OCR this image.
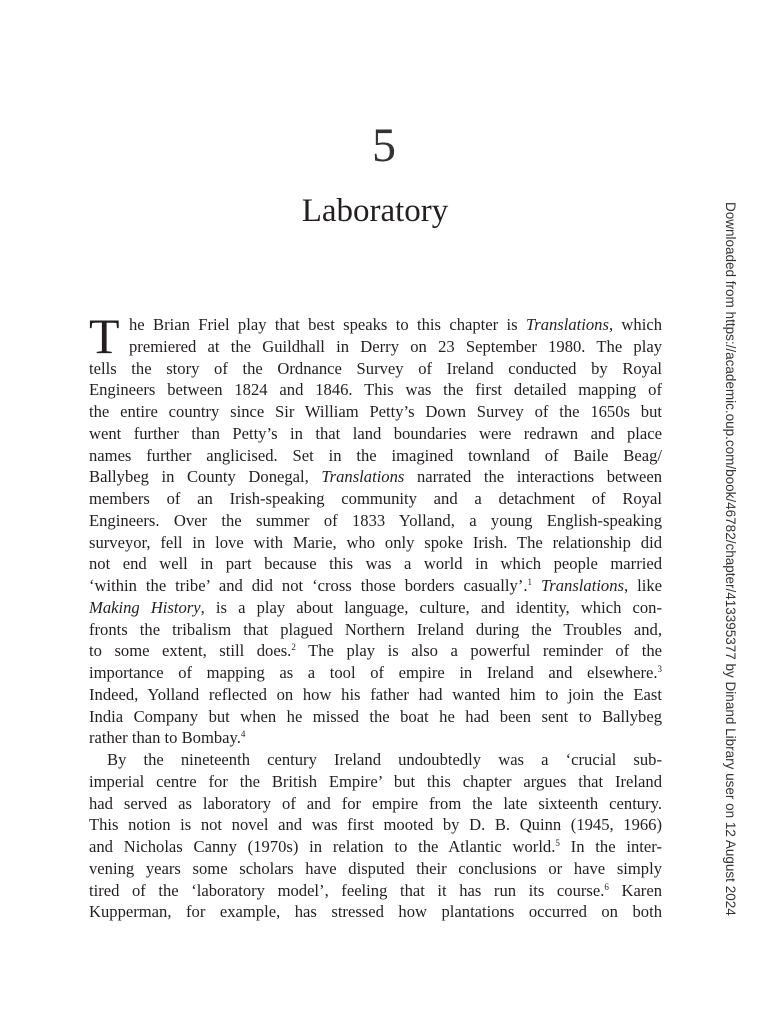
5
Laboratory
T he Brian Friel play that best speaks to this chapter is Translations, which
premiered at the Guildhall in Derry on 23 September 1980. The play
tells the story of the Ordnance Survey of Ireland conducted by Royal
Engineers between 1824 and 1846. This was the first detailed mapping of
the entire country since Sir William Petty’s Down Survey of the 1650s but
went further than Petty’s in that land boundaries were redrawn and place
names further anglicised. Set in the imagined townland of Baile Beag/
Ballybeg in County Donegal, Translations narrated the interactions between
members of an Irish-speaking community and a detachment of Royal
Engineers. Over the summer of 1833 Yolland, a young English-speaking
surveyor, fell in love with Marie, who only spoke Irish. The relationship did
not end well in part because this was a world in which people married
‘within the tribe’ and did not ‘cross those borders casually’.$^1$ Translations, like
Making History, is a play about language, culture, and identity, which con-
fronts the tribalism that plagued Northern Ireland during the Troubles and,
to some extent, still does.$^2$ The play is also a powerful reminder of the
importance of mapping as a tool of empire in Ireland and elsewhere.$^3$
Indeed, Yolland reflected on how his father had wanted him to join the East
India Company but when he missed the boat he had been sent to Ballybeg
rather than to Bombay.$^4$
By the nineteenth century Ireland undoubtedly was a ‘crucial sub-
imperial centre for the British Empire’ but this chapter argues that Ireland
had served as laboratory of and for empire from the late sixteenth century.
This notion is not novel and was first mooted by D. B. Quinn (1945, 1966)
and Nicholas Canny (1970s) in relation to the Atlantic world.$^5$ In the inter-
vening years some scholars have disputed their conclusions or have simply
tired of the ‘laboratory model’, feeling that it has run its course.$^6$ Karen
Kupperman, for example, has stressed how plantations occurred on both	Downloaded from https://academic.oup.com/book/46782/chapter/413395377 by Dinand Library user on 12 August 2024
